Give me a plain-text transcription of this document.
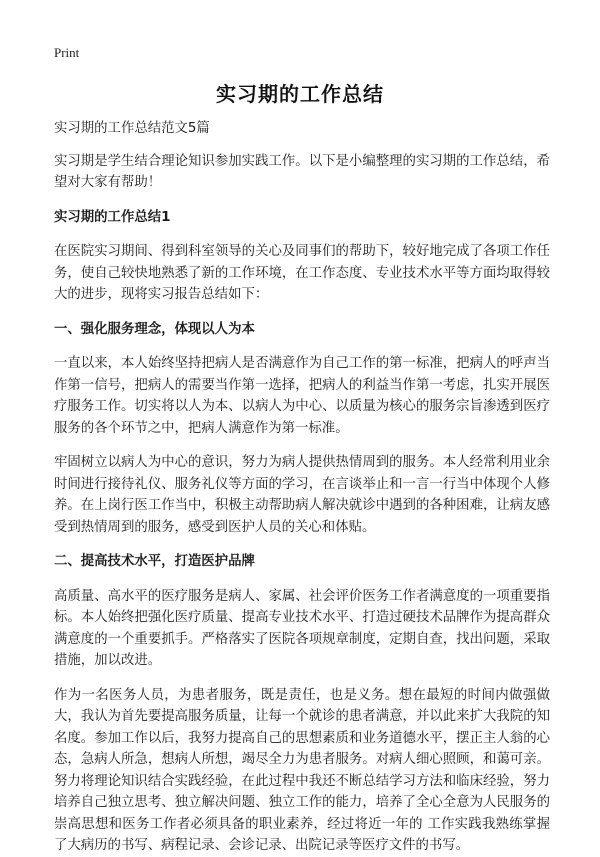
Print
实习期的工作总结

实习期的工作总结范文5篇

实习期是学生结合理论知识参加实践工作。以下是小编整理的实习期的工作总结，希望对大家有帮助！

实习期的工作总结1

在医院实习期间、得到科室领导的关心及同事们的帮助下，较好地完成了各项工作任务，使自己较快地熟悉了新的工作环境，在工作态度、专业技术水平等方面均取得较大的进步，现将实习报告总结如下：

一、强化服务理念，体现以人为本

一直以来，本人始终坚持把病人是否满意作为自己工作的第一标准，把病人的呼声当作第一信号，把病人的需要当作第一选择，把病人的利益当作第一考虑，扎实开展医疗服务工作。切实将以人为本、以病人为中心、以质量为核心的服务宗旨渗透到医疗服务的各个环节之中，把病人满意作为第一标准。

牢固树立以病人为中心的意识，努力为病人提供热情周到的服务。本人经常利用业余时间进行接待礼仪、服务礼仪等方面的学习，在言谈举止和一言一行当中体现个人修养。在上岗行医工作当中，积极主动帮助病人解决就诊中遇到的各种困难，让病友感受到热情周到的服务，感受到医护人员的关心和体贴。

二、提高技术水平，打造医护品牌

高质量、高水平的医疗服务是病人、家属、社会评价医务工作者满意度的一项重要指标。本人始终把强化医疗质量、提高专业技术水平、打造过硬技术品牌作为提高群众满意度的一个重要抓手。严格落实了医院各项规章制度，定期自查，找出问题，采取措施，加以改进。

作为一名医务人员，为患者服务，既是责任，也是义务。想在最短的时间内做强做大，我认为首先要提高服务质量，让每一个就诊的患者满意，并以此来扩大我院的知名度。参加工作以后，我努力提高自己的思想素质和业务道德水平，摆正主人翁的心态，急病人所急，想病人所想，竭尽全力为患者服务。对病人细心照顾，和蔼可亲。努力将理论知识结合实践经验，在此过程中我还不断总结学习方法和临床经验，努力培养自己独立思考、独立解决问题、独立工作的能力，培养了全心全意为人民服务的崇高思想和医务工作者必须具备的职业素养，经过将近一年的 工作实践我熟练掌握了大病历的书写、病程记录、会诊记录、出院记录等医疗文件的书写。
